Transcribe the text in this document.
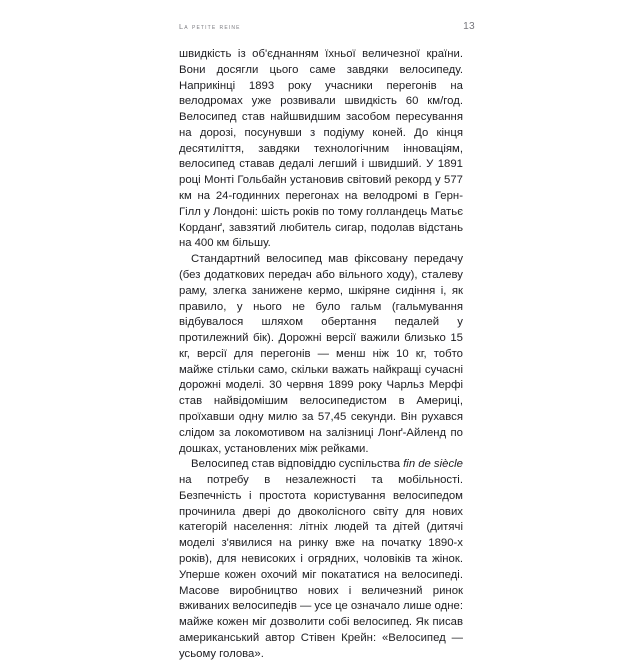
La petite reine	13

швидкість із об'єднанням їхньої величезної країни. Вони досягли цього саме завдяки велосипеду. Наприкінці 1893 року учасники перегонів на велодромах уже розвивали швидкість 60 км/год. Велосипед став найшвидшим засобом пересування на дорозі, посунувши з подіуму коней. До кінця десятиліття, завдяки технологічним інноваціям, велосипед ставав дедалі легший і швидший. У 1891 році Монті Гольбайн установив світовий рекорд у 577 км на 24-годинних перегонах на велодромі в Герн-Гілл у Лондоні: шість років по тому голландець Матьє Корданґ, завзятий любитель сигар, подолав відстань на 400 км більшу.

Стандартний велосипед мав фіксовану передачу (без додаткових передач або вільного ходу), сталеву раму, злегка занижене кермо, шкіряне сидіння і, як правило, у нього не було гальм (гальмування відбувалося шляхом обертання педалей у протилежний бік). Дорожні версії важили близько 15 кг, версії для перегонів — менш ніж 10 кг, тобто майже стільки само, скільки важать найкращі сучасні дорожні моделі. 30 червня 1899 року Чарльз Мерфі став найвідомішим велосипедистом в Америці, проїхавши одну милю за 57,45 секунди. Він рухався слідом за локомотивом на залізниці Лонґ-Айленд по дошках, установлених між рейками.

Велосипед став відповіддю суспільства fin de siècle на потребу в незалежності та мобільності. Безпечність і простота користування велосипедом прочинила двері до двоколісного світу для нових категорій населення: літніх людей та дітей (дитячі моделі з'явилися на ринку вже на початку 1890-х років), для невисоких і огрядних, чоловіків та жінок. Уперше кожен охочий міг покататися на велосипеді. Масове виробництво нових і величезний ринок вживаних велосипедів — усе це означало лише одне: майже кожен міг дозволити собі велосипед. Як писав американський автор Стівен Крейн: «Велосипед — усьому голова».
